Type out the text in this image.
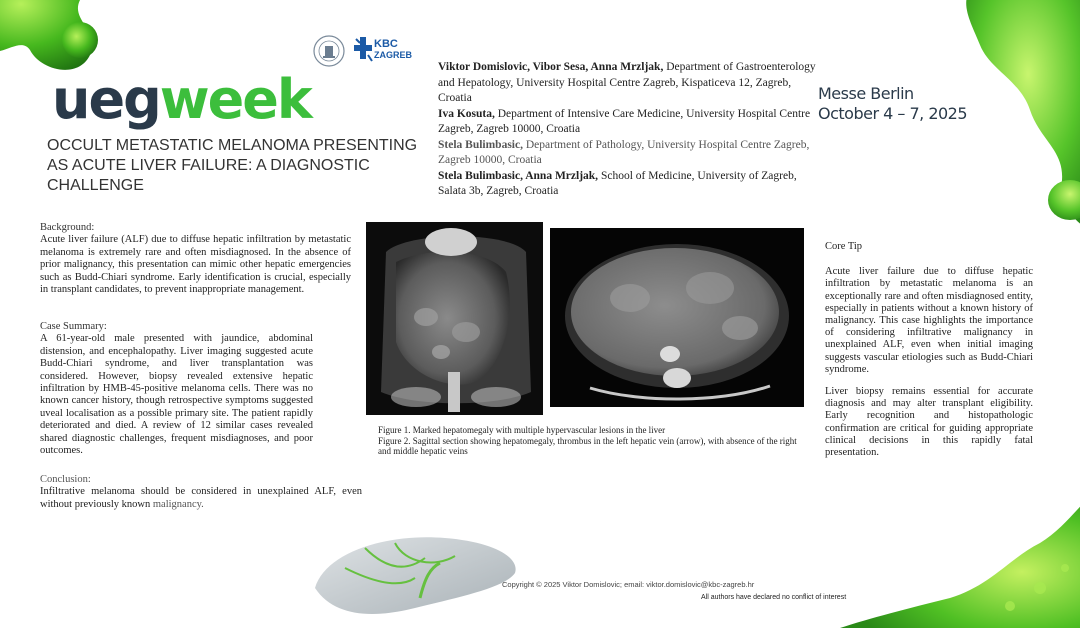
KBC
ZAGREB
uegweek
OCCULT METASTATIC MELANOMA PRESENTING AS ACUTE LIVER FAILURE: A DIAGNOSTIC CHALLENGE
Viktor Domislovic, Vibor Sesa, Anna Mrzljak, Department of Gastroenterology and Hepatology, University Hospital Centre Zagreb, Kispaticeva 12, Zagreb, Croatia
Iva Kosuta, Department of Intensive Care Medicine, University Hospital Centre Zagreb, Zagreb 10000, Croatia
Stela Bulimbasic, Department of Pathology, University Hospital Centre Zagreb, Zagreb 10000, Croatia
Stela Bulimbasic, Anna Mrzljak, School of Medicine, University of Zagreb, Salata 3b, Zagreb, Croatia
Messe Berlin
October 4 – 7, 2025
Background:
Acute liver failure (ALF) due to diffuse hepatic infiltration by metastatic melanoma is extremely rare and often misdiagnosed. In the absence of prior malignancy, this presentation can mimic other hepatic emergencies such as Budd-Chiari syndrome. Early identification is crucial, especially in transplant candidates, to prevent inappropriate management.
Case Summary:
A 61-year-old male presented with jaundice, abdominal distension, and encephalopathy. Liver imaging suggested acute Budd-Chiari syndrome, and liver transplantation was considered. However, biopsy revealed extensive hepatic infiltration by HMB-45-positive melanoma cells. There was no known cancer history, though retrospective symptoms suggested uveal localisation as a possible primary site. The patient rapidly deteriorated and died. A review of 12 similar cases revealed shared diagnostic challenges, frequent misdiagnoses, and poor outcomes.
Conclusion:
Infiltrative melanoma should be considered in unexplained ALF, even without previously known malignancy.
Figure 1. Marked hepatomegaly with multiple hypervascular lesions in the liver
Figure 2. Sagittal section showing hepatomegaly, thrombus in the left hepatic vein (arrow), with absence of the right and middle hepatic veins
Core Tip

Acute liver failure due to diffuse hepatic infiltration by metastatic melanoma is an exceptionally rare and often misdiagnosed entity, especially in patients without a known history of malignancy. This case highlights the importance of considering infiltrative malignancy in unexplained ALF, even when initial imaging suggests vascular etiologies such as Budd-Chiari syndrome.

Liver biopsy remains essential for accurate diagnosis and may alter transplant eligibility. Early recognition and histopathologic confirmation are critical for guiding appropriate clinical decisions in this rapidly fatal presentation.

Copyright © 2025 Viktor Domislovic; email: viktor.domislovic@kbc-zagreb.hr
All authors have declared no conflict of interest
